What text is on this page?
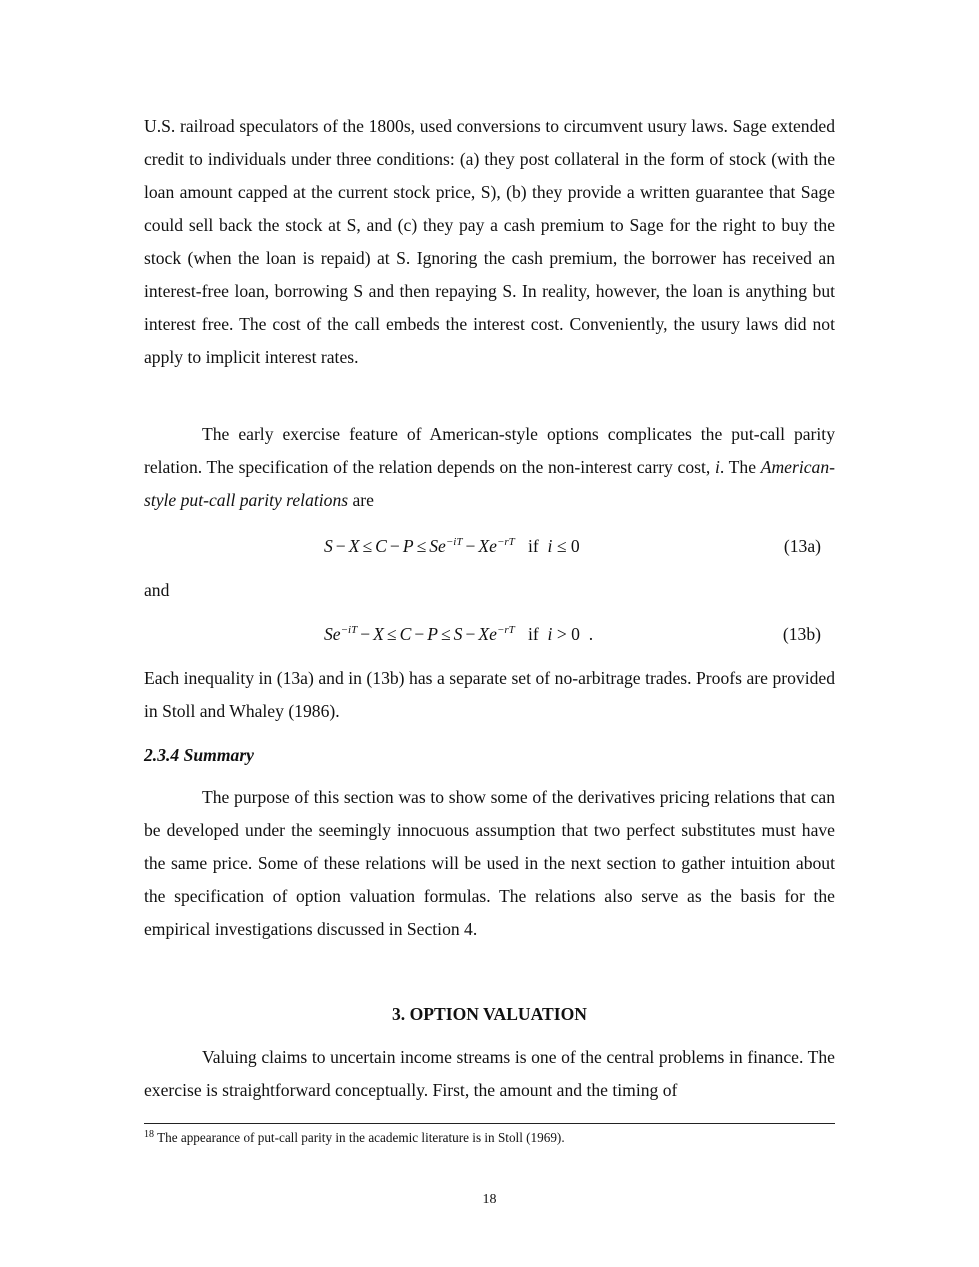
U.S. railroad speculators of the 1800s, used conversions to circumvent usury laws. Sage extended credit to individuals under three conditions: (a) they post collateral in the form of stock (with the loan amount capped at the current stock price, S), (b) they provide a written guarantee that Sage could sell back the stock at S, and (c) they pay a cash premium to Sage for the right to buy the stock (when the loan is repaid) at S. Ignoring the cash premium, the borrower has received an interest-free loan, borrowing S and then repaying S. In reality, however, the loan is anything but interest free. The cost of the call embeds the interest cost. Conveniently, the usury laws did not apply to implicit interest rates.
The early exercise feature of American-style options complicates the put-call parity relation. The specification of the relation depends on the non-interest carry cost, i. The American-style put-call parity relations are
$S - X \le C - P \le Se^{-iT} - Xe^{-rT}$ if i ≤ 0	(13a)
and
$Se^{-iT} - X \le C - P \le S - Xe^{-rT}$ if i > 0 .	(13b)
Each inequality in (13a) and in (13b) has a separate set of no-arbitrage trades. Proofs are provided in Stoll and Whaley (1986).
2.3.4 Summary
The purpose of this section was to show some of the derivatives pricing relations that can be developed under the seemingly innocuous assumption that two perfect substitutes must have the same price. Some of these relations will be used in the next section to gather intuition about the specification of option valuation formulas. The relations also serve as the basis for the empirical investigations discussed in Section 4.
3. OPTION VALUATION
Valuing claims to uncertain income streams is one of the central problems in finance. The exercise is straightforward conceptually. First, the amount and the timing of
$^{18}$ The appearance of put-call parity in the academic literature is in Stoll (1969).
18
